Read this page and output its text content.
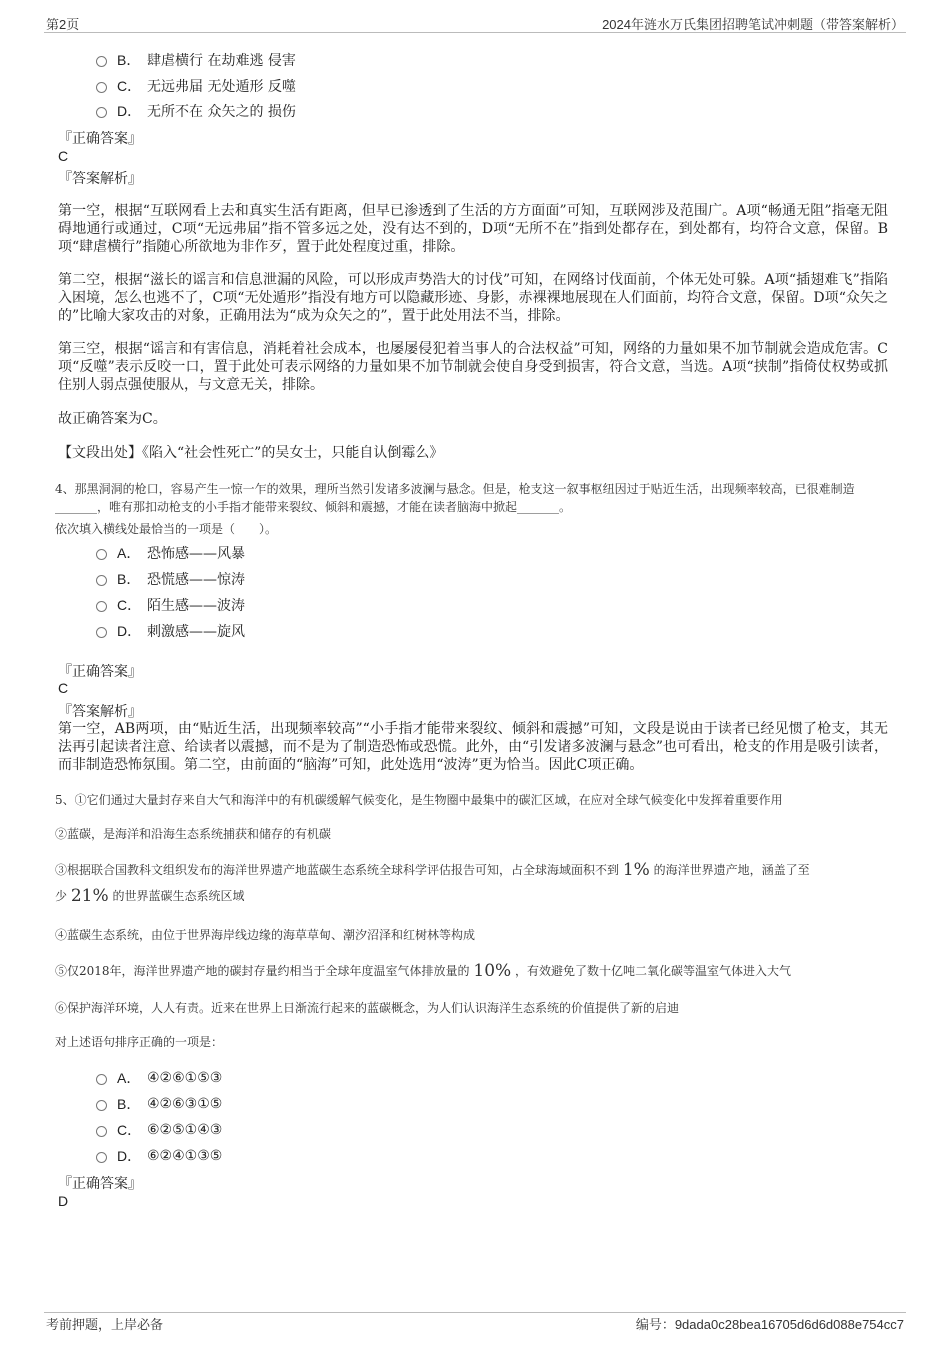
第2页	2024年涟水万氏集团招聘笔试冲刺题（带答案解析）
B． 肆虐横行 在劫难逃 侵害
C． 无远弗届 无处遁形 反噬
D． 无所不在 众矢之的 损伤
『正确答案』
C
『答案解析』
第一空，根据“互联网看上去和真实生活有距离，但早已渗透到了生活的方方面面”可知，互联网涉及范围广。A项“畅通无阻”指毫无阻碍地通行或通过，C项“无远弗届”指不管多远之处，没有达不到的，D项“无所不在”指到处都存在，到处都有，均符合文意，保留。B项“肆虐横行”指随心所欲地为非作歹，置于此处程度过重，排除。
第二空，根据“滋长的谣言和信息泄漏的风险，可以形成声势浩大的讨伐”可知，在网络讨伐面前，个体无处可躲。A项“插翅难飞”指陷入困境，怎么也逃不了，C项“无处遁形”指没有地方可以隐藏形迹、身影，赤裸裸地展现在人们面前，均符合文意，保留。D项“众矢之的”比喻大家攻击的对象，正确用法为“成为众矢之的”，置于此处用法不当，排除。
第三空，根据“谣言和有害信息，消耗着社会成本，也屡屡侵犯着当事人的合法权益”可知，网络的力量如果不加节制就会造成危害。C项“反噬”表示反咬一口，置于此处可表示网络的力量如果不加节制就会使自身受到损害，符合文意，当选。A项“挟制”指倚仗权势或抓住别人弱点强使服从，与文意无关，排除。
故正确答案为C。
【文段出处】《陷入“社会性死亡”的吴女士，只能自认倒霉么》
4、那黑洞洞的枪口，容易产生一惊一乍的效果，理所当然引发诸多波澜与悬念。但是，枪支这一叙事枢纽因过于贴近生活，出现频率较高，已很难制造_______，唯有那扣动枪支的小手指才能带来裂纹、倾斜和震撼，才能在读者脑海中掀起_______。
依次填入横线处最恰当的一项是（　　）。
A． 恐怖感——风暴
B． 恐慌感——惊涛
C． 陌生感——波涛
D． 刺激感——旋风
『正确答案』
C
『答案解析』
第一空，AB两项，由“贴近生活，出现频率较高”“小手指才能带来裂纹、倾斜和震撼”可知，文段是说由于读者已经见惯了枪支，其无法再引起读者注意、给读者以震撼，而不是为了制造恐怖或恐慌。此外，由“引发诸多波澜与悬念”也可看出，枪支的作用是吸引读者，而非制造恐怖氛围。第二空，由前面的“脑海”可知，此处选用“波涛”更为恰当。因此C项正确。
5、①它们通过大量封存来自大气和海洋中的有机碳缓解气候变化，是生物圈中最集中的碳汇区域，在应对全球气候变化中发挥着重要作用
②蓝碳，是海洋和沿海生态系统捕获和储存的有机碳
③根据联合国教科文组织发布的海洋世界遗产地蓝碳生态系统全球科学评估报告可知，占全球海域面积不到 1% 的海洋世界遗产地，涵盖了至
少 21% 的世界蓝碳生态系统区域
④蓝碳生态系统，由位于世界海岸线边缘的海草草甸、潮汐沼泽和红树林等构成
⑤仅2018年，海洋世界遗产地的碳封存量约相当于全球年度温室气体排放量的 10% ，有效避免了数十亿吨二氧化碳等温室气体进入大气
⑥保护海洋环境，人人有责。近来在世界上日渐流行起来的蓝碳概念，为人们认识海洋生态系统的价值提供了新的启迪
对上述语句排序正确的一项是：
A． ④②⑥①⑤③
B． ④②⑥③①⑤
C． ⑥②⑤①④③
D． ⑥②④①③⑤
『正确答案』
D
考前押题，上岸必备	编号：9dada0c28bea16705d6d6d088e754cc7
